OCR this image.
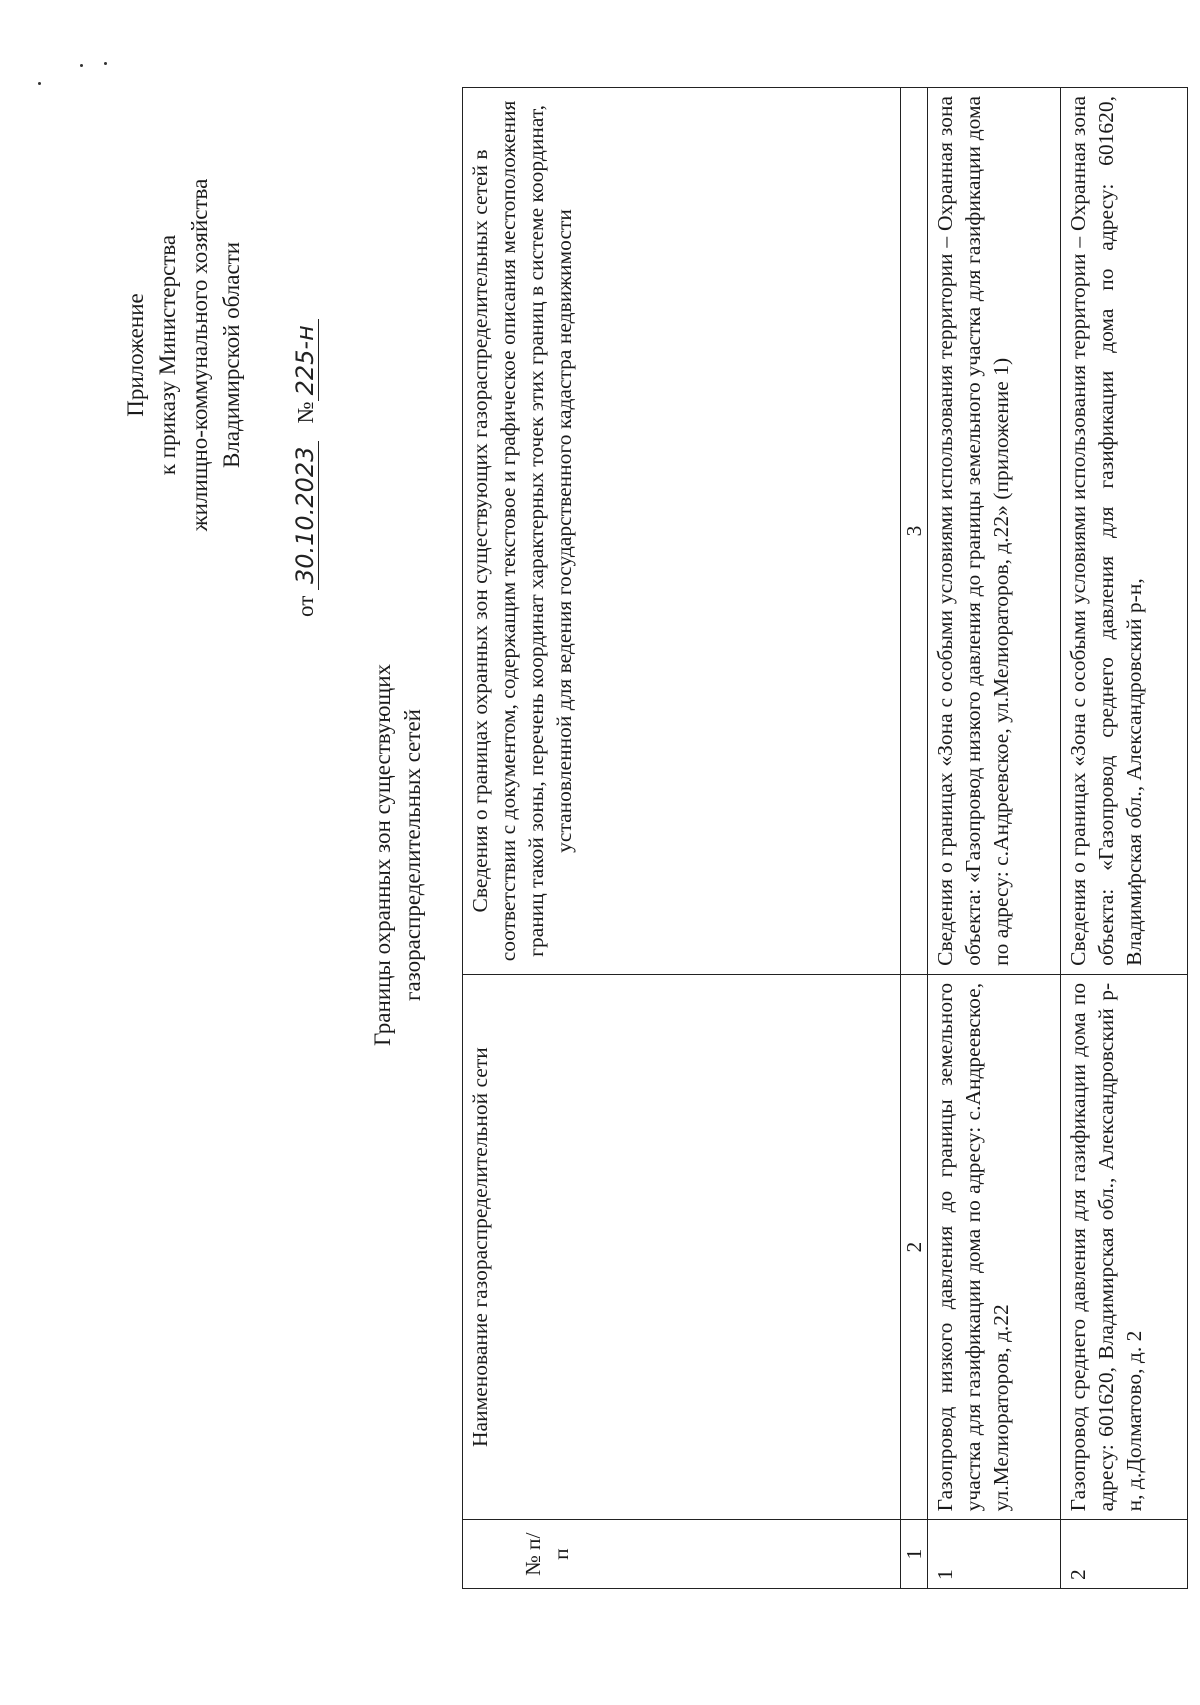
Приложение к приказу Министерства жилищно-коммунального хозяйства Владимирской области
от 30.10.2023   №225-н
Границы охранных зон существующих газораспределительных сетей
№ п/п	Наименование газораспределительной сети	Сведения о границах охранных зон существующих газораспределительных сетей в соответствии с документом, содержащим текстовое и графическое описания местоположения границ такой зоны, перечень координат характерных точек этих границ в системе координат, установленной для ведения государственного кадастра недвижимости
1	2	3
1	Газопровод низкого давления до границы земельного участка для газификации дома по адресу: с.Андреевское, ул.Мелиораторов, д.22	Сведения о границах «Зона с особыми условиями использования территории – Охранная зона объекта: «Газопровод низкого давления до границы земельного участка для газификации дома по адресу: с.Андреевское, ул.Мелиораторов, д.22» (приложение 1)
2	Газопровод среднего давления для газификации дома по адресу: 601620, Владимирская обл., Александровский р-н, д.Долматово, д. 2	Сведения о границах «Зона с особыми условиями использования территории – Охранная зона объекта: «Газопровод среднего давления для газификации дома по адресу: 601620, Владимирская обл., Александровский р-н,
